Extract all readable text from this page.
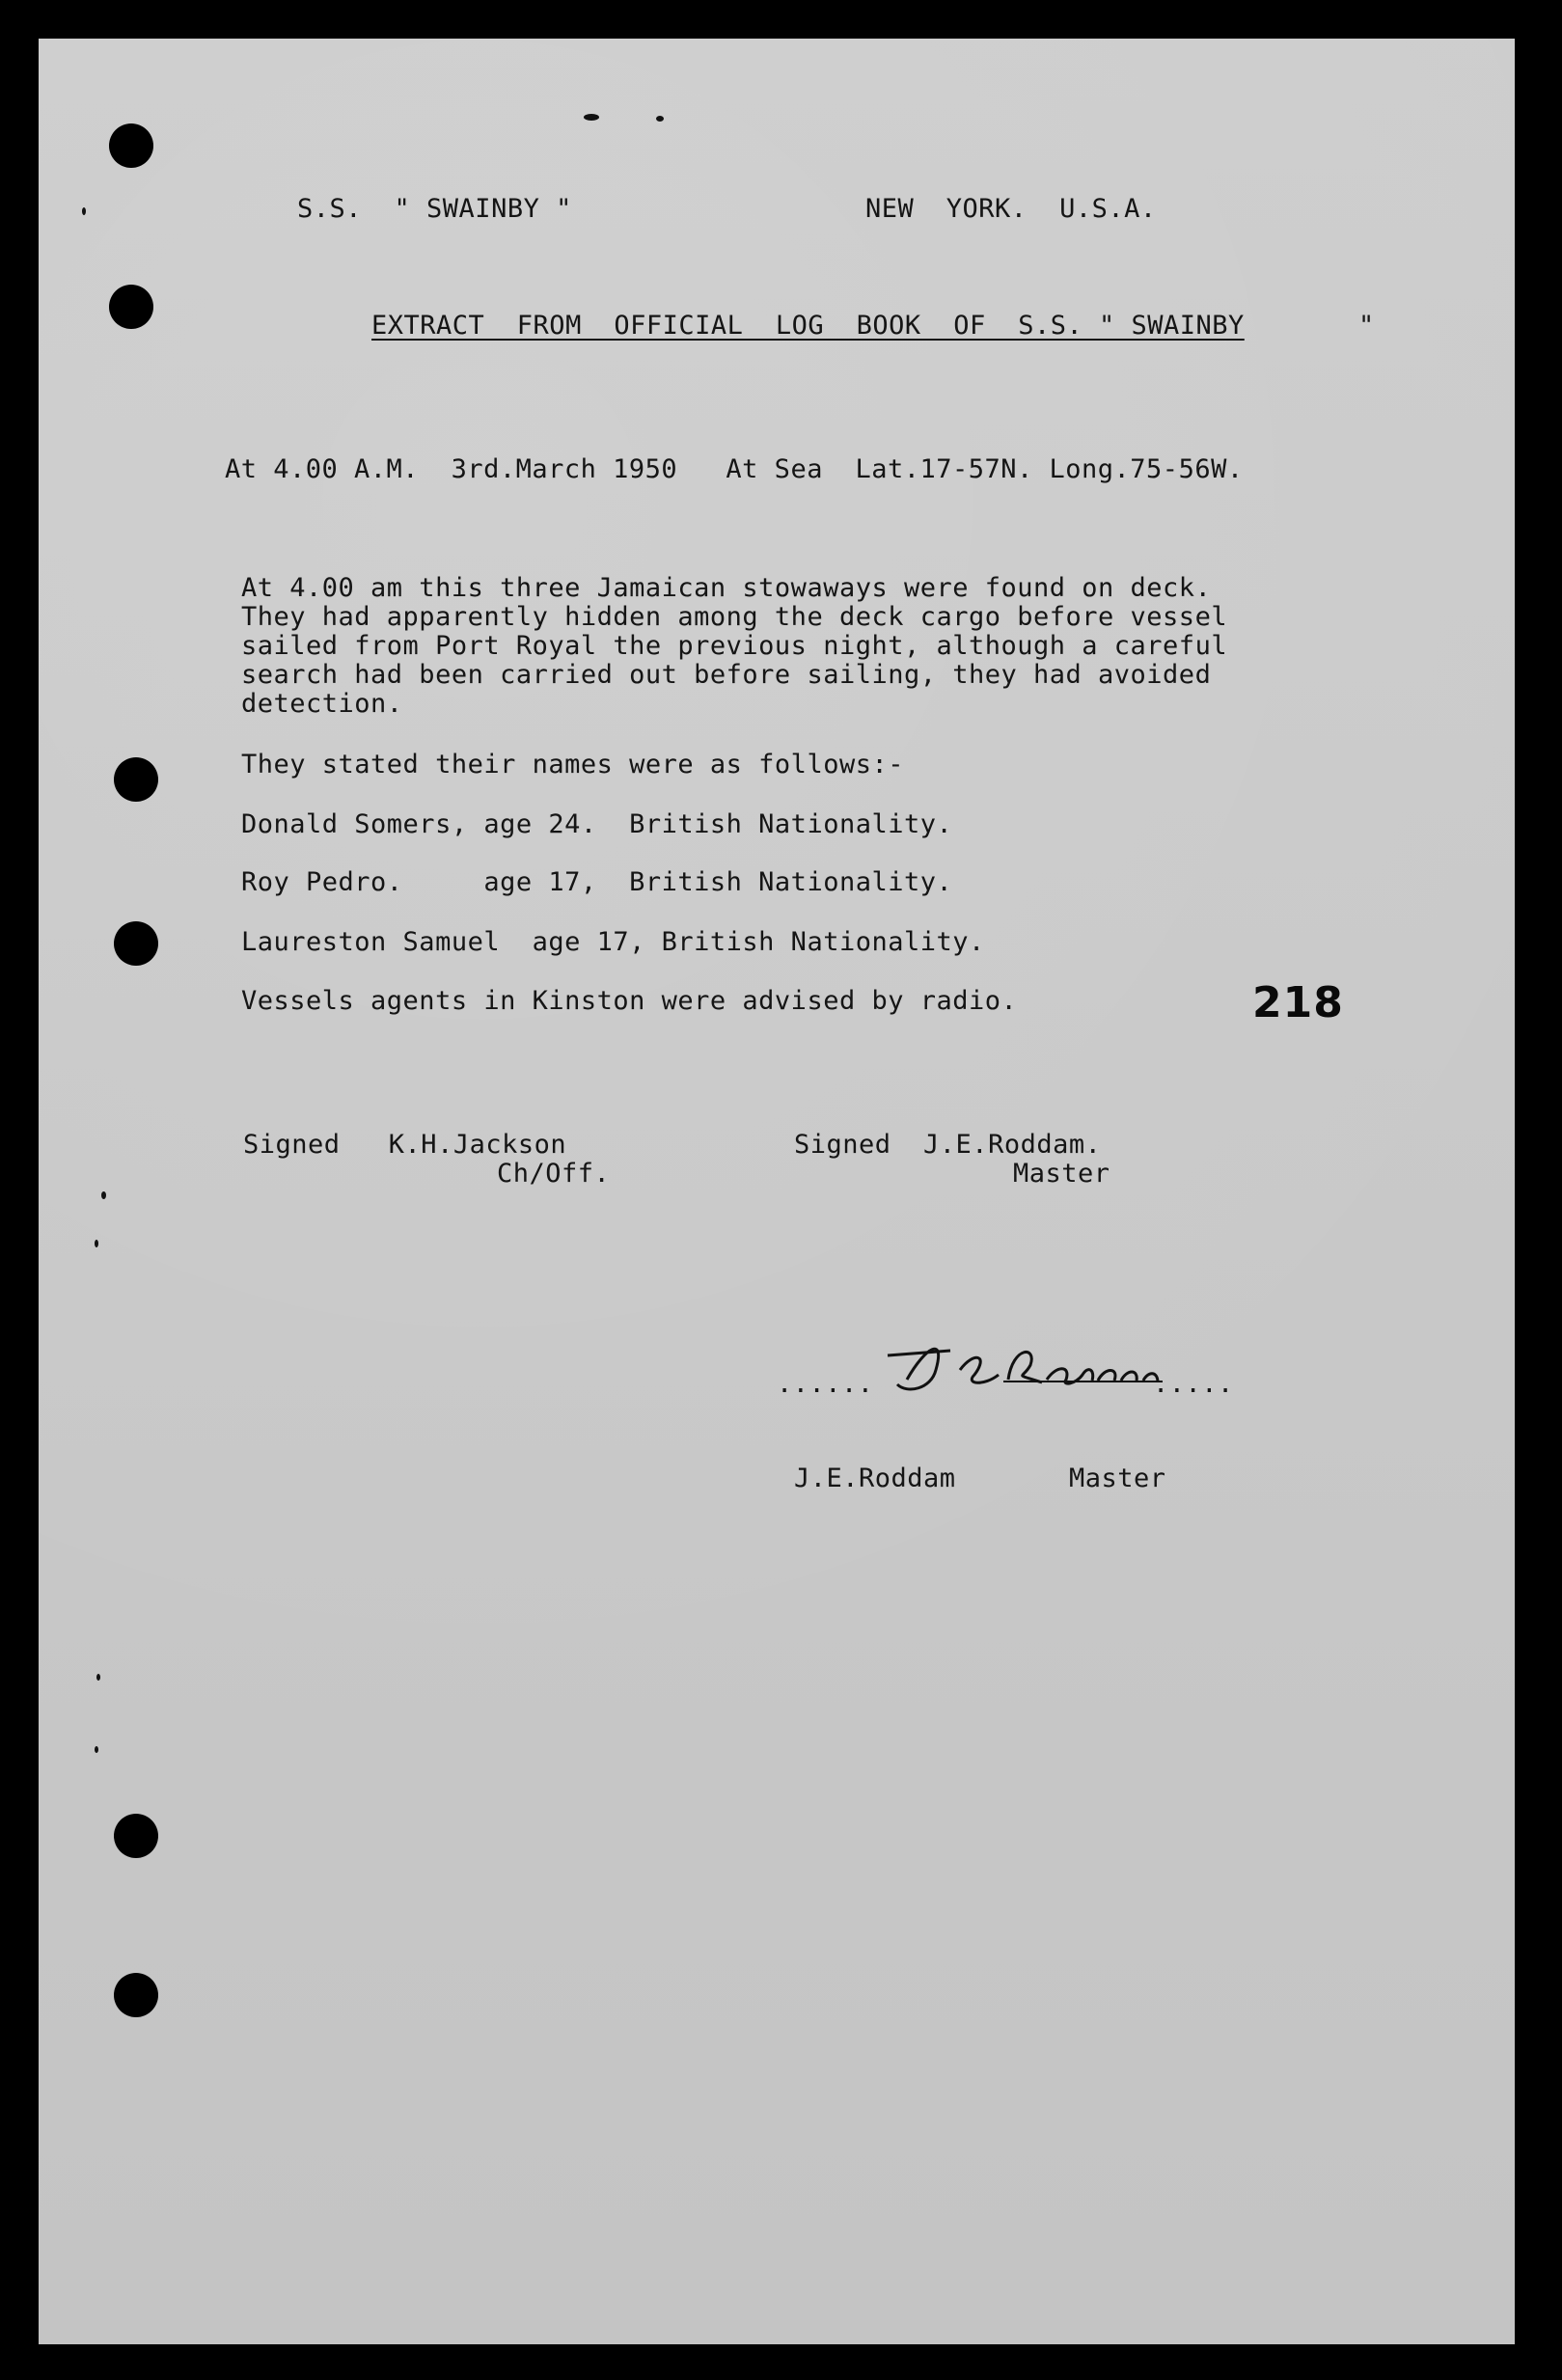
S.S.  " SWAINBY "	NEW  YORK.  U.S.A.
EXTRACT  FROM  OFFICIAL  LOG  BOOK  OF  S.S. " SWAINBY	"
At 4.00 A.M.  3rd.March 1950   At Sea  Lat.17-57N. Long.75-56W.
At 4.00 am this three Jamaican stowaways were found on deck.
They had apparently hidden among the deck cargo before vessel
sailed from Port Royal the previous night, although a careful
search had been carried out before sailing, they had avoided
detection.
They stated their names were as follows:-
Donald Somers, age 24.  British Nationality.
Roy Pedro.     age 17,  British Nationality.
Laureston Samuel  age 17, British Nationality.
Vessels agents in Kinston were advised by radio.	218
Signed   K.H.Jackson
Ch/Off.
Signed  J.E.Roddam.
Master
......	.....
J.E.Roddam	Master
